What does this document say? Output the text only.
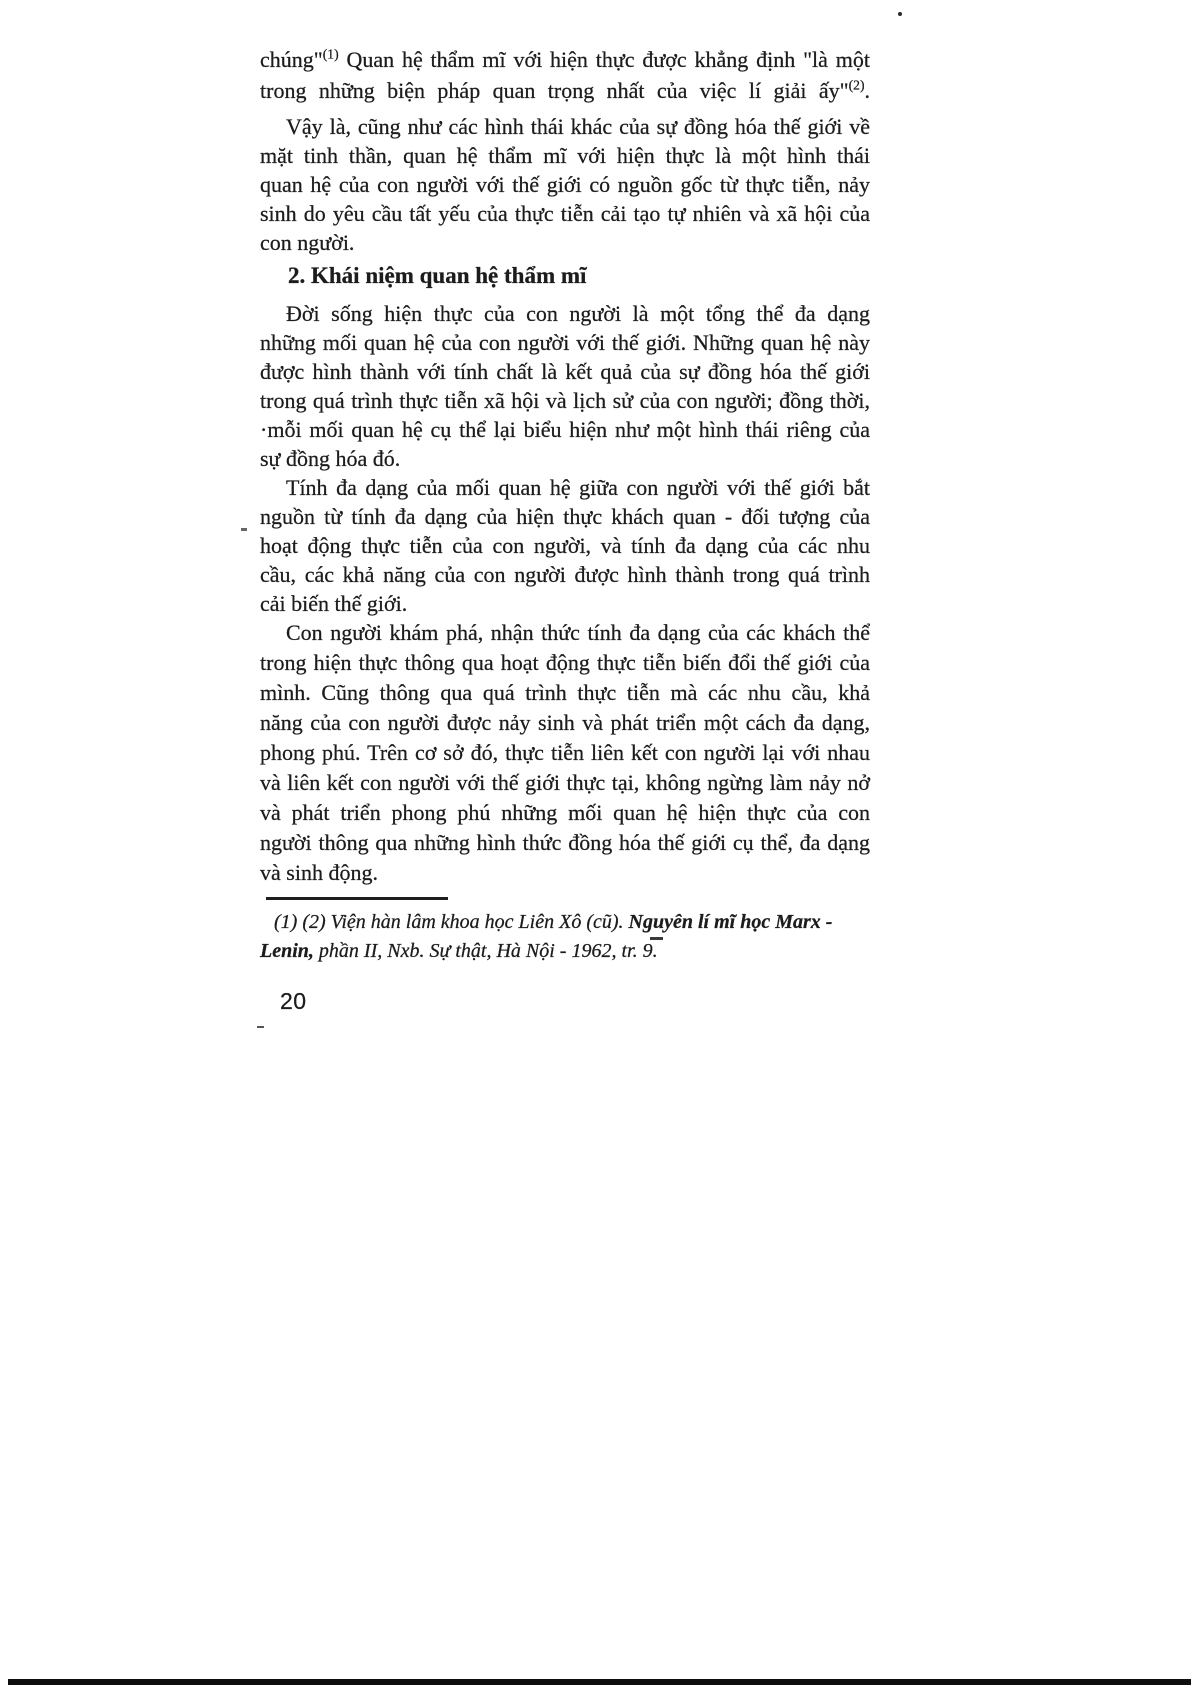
chúng"$^{(1)}$ Quan hệ thẩm mĩ với hiện thực được khẳng định "là một
trong những biện pháp quan trọng nhất của việc lí giải ấy"$^{(2)}$.
Vậy là, cũng như các hình thái khác của sự đồng hóa thế giới về
mặt tinh thần, quan hệ thẩm mĩ với hiện thực là một hình thái
quan hệ của con người với thế giới có nguồn gốc từ thực tiễn, nảy
sinh do yêu cầu tất yếu của thực tiễn cải tạo tự nhiên và xã hội của
con người.
2. Khái niệm quan hệ thẩm mĩ
Đời sống hiện thực của con người là một tổng thể đa dạng
những mối quan hệ của con người với thế giới. Những quan hệ này
được hình thành với tính chất là kết quả của sự đồng hóa thế giới
trong quá trình thực tiễn xã hội và lịch sử của con người; đồng thời,
·mỗi mối quan hệ cụ thể lại biểu hiện như một hình thái riêng của
sự đồng hóa đó.
Tính đa dạng của mối quan hệ giữa con người với thế giới bắt
nguồn từ tính đa dạng của hiện thực khách quan - đối tượng của
hoạt động thực tiễn của con người, và tính đa dạng của các nhu
cầu, các khả năng của con người được hình thành trong quá trình
cải biến thế giới.
Con người khám phá, nhận thức tính đa dạng của các khách thể
trong hiện thực thông qua hoạt động thực tiễn biến đổi thế giới của
mình. Cũng thông qua quá trình thực tiễn mà các nhu cầu, khả
năng của con người được nảy sinh và phát triển một cách đa dạng,
phong phú. Trên cơ sở đó, thực tiễn liên kết con người lại với nhau
và liên kết con người với thế giới thực tại, không ngừng làm nảy nở
và phát triển phong phú những mối quan hệ hiện thực của con
người thông qua những hình thức đồng hóa thế giới cụ thể, đa dạng
và sinh động.
(1) (2) Viện hàn lâm khoa học Liên Xô (cũ). Nguyên lí mĩ học Marx -
Lenin, phần II, Nxb. Sự thật, Hà Nội - 1962, tr. 9.
20
